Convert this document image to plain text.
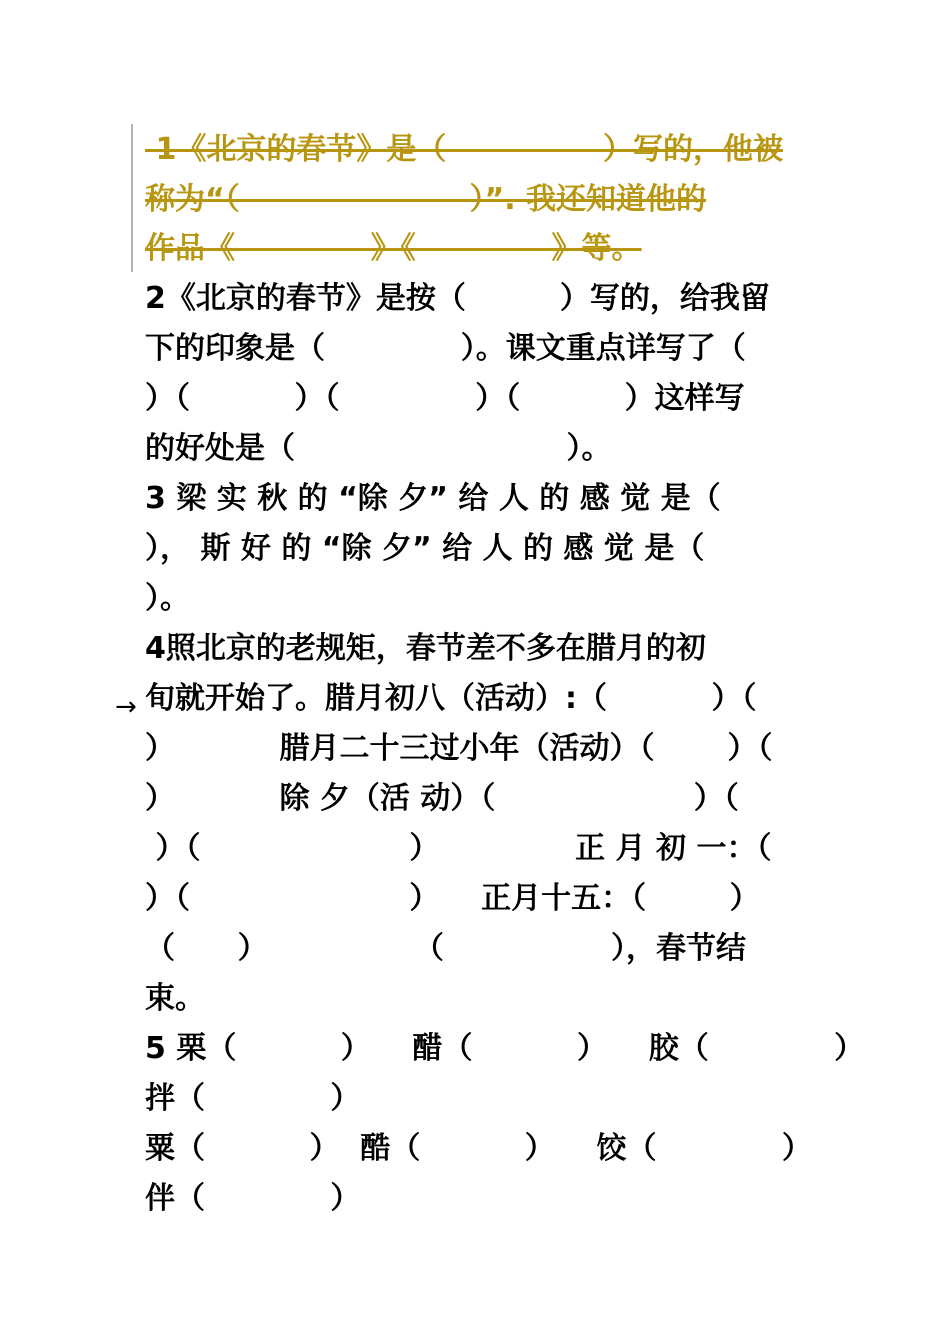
1《北京的春节》是（               ）写的，他被
称为“（                      ）”. 我还知道他的
作品《             》《             》等。
2《北京的春节》是按（         ）写的，给我留
下的印象是（             ）。课文重点详写了（
）（          ）（             ）（          ）这样写
的好处是（                          ）。
3 梁 实 秋 的 “除 夕” 给 人 的 感 觉 是（
）， 斯 好 的 “除 夕” 给 人 的 感 觉 是（
）。
4照北京的老规矩，春节差不多在腊月的初
旬就开始了。腊月初八（活动）:（          ）（
）          腊月二十三过小年（活动）（       ）（
）          除 夕（活 动）（                   ）（
）（                    ）             正 月 初 一：（
）（                     ）    正月十五：（        ）
（      ）              （                ），春节结
束。
5 栗（          ）    醋（          ）    胶（            ）
拌（            ）
粟（          ）  酷（          ）    饺（            ）
伴（            ）
→
